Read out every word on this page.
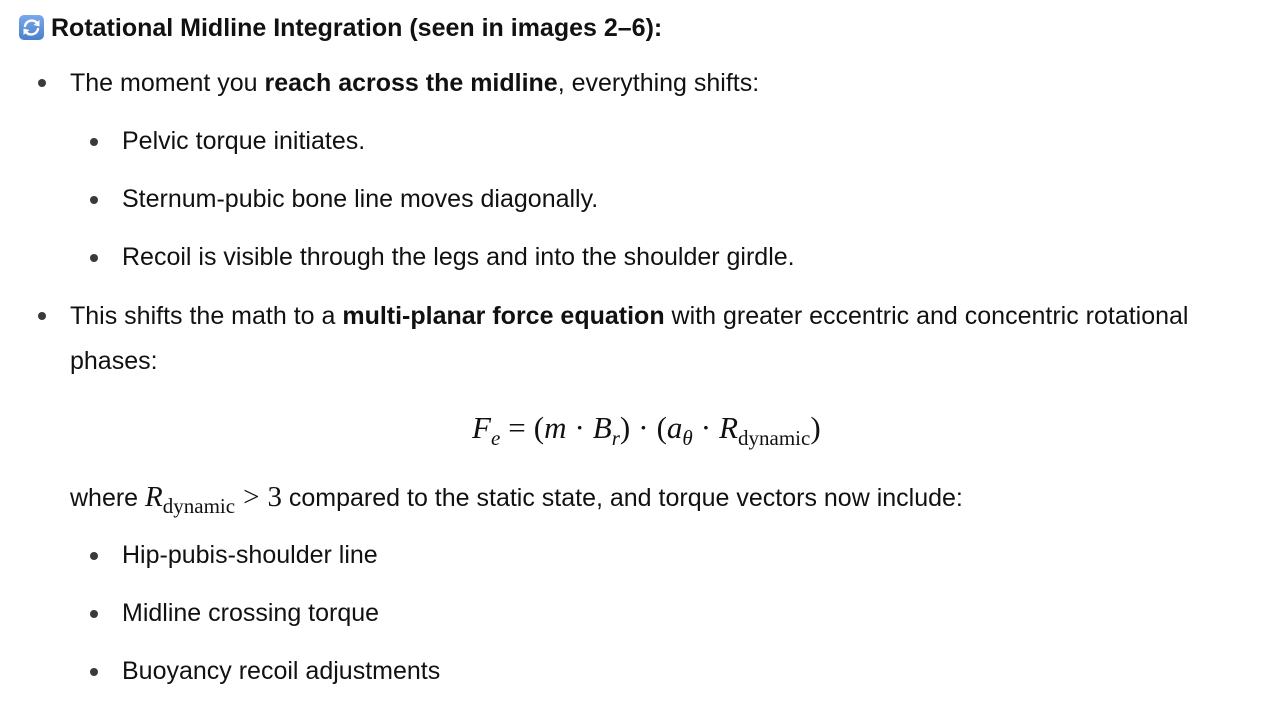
Rotational Midline Integration (seen in images 2–6):
The moment you reach across the midline, everything shifts:
Pelvic torque initiates.
Sternum-pubic bone line moves diagonally.
Recoil is visible through the legs and into the shoulder girdle.
This shifts the math to a multi-planar force equation with greater eccentric and concentric rotational
phases:
$F_e = (m \cdot B_r) \cdot (a_\theta \cdot R_{dynamic})$
where $R_{dynamic} > 3$ compared to the static state, and torque vectors now include:
Hip-pubis-shoulder line
Midline crossing torque
Buoyancy recoil adjustments
